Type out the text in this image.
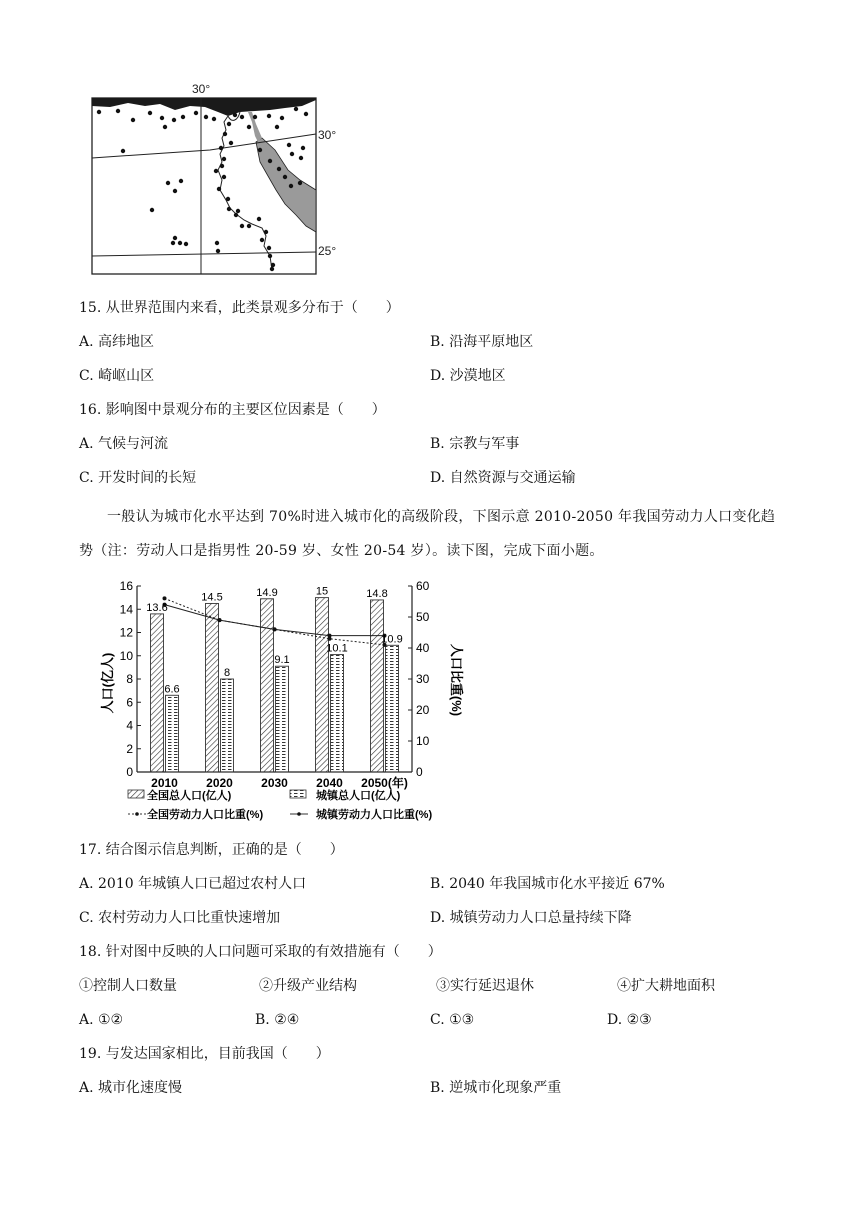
30°
30°
25°
15. 从世界范围内来看，此类景观多分布于（　　）
A. 高纬地区	B. 沿海平原地区
C. 崎岖山区	D. 沙漠地区
16. 影响图中景观分布的主要区位因素是（　　）
A. 气候与河流	B. 宗教与军事
C. 开发时间的长短	D. 自然资源与交通运输
一般认为城市化水平达到 70%时进入城市化的高级阶段，下图示意 2010-2050 年我国劳动力人口变化趋势（注：劳动人口是指男性 20-59 岁、女性 20-54 岁）。读下图，完成下面小题。
0
2
4
6
8
10
12
14
16
0
10
20
30
40
50
60
2010
13.6
6.6
2020
14.5
8
2030
14.9
9.1
2040
15
10.1
2050(年)
14.8
10.9
人口(亿人)	人口比重(%)
全国总人口(亿人)	城镇总人口(亿人)
全国劳动力人口比重(%)	城镇劳动力人口比重(%)
17. 结合图示信息判断，正确的是（　　）
A. 2010 年城镇人口已超过农村人口	B. 2040 年我国城市化水平接近 67%
C. 农村劳动力人口比重快速增加	D. 城镇劳动力人口总量持续下降
18. 针对图中反映的人口问题可采取的有效措施有（　　）
①控制人口数量	②升级产业结构	③实行延迟退休	④扩大耕地面积
A. ①②	B. ②④	C. ①③	D. ②③
19. 与发达国家相比，目前我国（　　）
A. 城市化速度慢	B. 逆城市化现象严重
